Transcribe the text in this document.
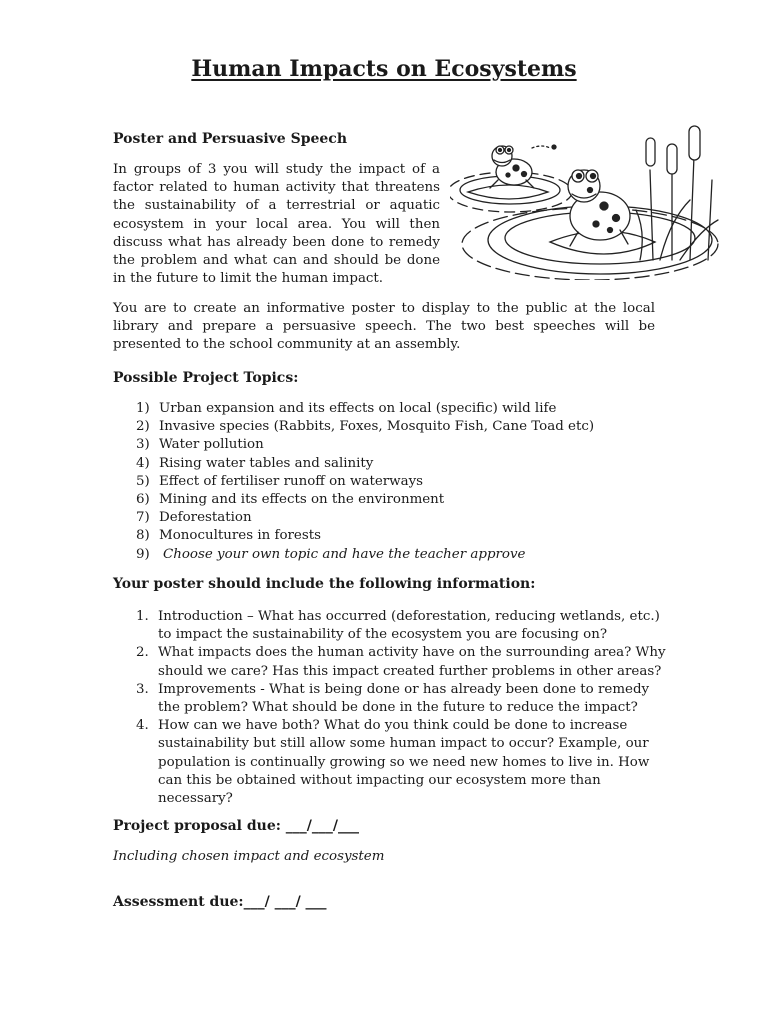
Human Impacts on Ecosystems
Poster and Persuasive Speech

In groups of 3 you will study the impact of a factor related to human activity that threatens the sustainability of a terrestrial or aquatic ecosystem in your local area. You will then discuss what has already been done to remedy the problem and what can and should be done in the future to limit the human impact.

You are to create an informative poster to display to the public at the local library and prepare a persuasive speech. The two best speeches will be presented to the school community at an assembly.

Possible Project Topics:
1) Urban expansion and its effects on local (specific) wild life
2) Invasive species (Rabbits, Foxes, Mosquito Fish, Cane Toad etc)
3) Water pollution
4) Rising water tables and salinity
5) Effect of fertiliser runoff on waterways
6) Mining and its effects on the environment
7) Deforestation
8) Monocultures in forests
9) Choose your own topic and have the teacher approve
Your poster should include the following information:
1. Introduction – What has occurred (deforestation, reducing wetlands, etc.) to impact the sustainability of the ecosystem you are focusing on?
2. What impacts does the human activity have on the surrounding area? Why should we care? Has this impact created further problems in other areas?
3. Improvements - What is being done or has already been done to remedy the problem? What should be done in the future to reduce the impact?
4. How can we have both? What do you think could be done to increase sustainability but still allow some human impact to occur? Example, our population is continually growing so we need new homes to live in. How can this be obtained without impacting our ecosystem more than necessary?
Project proposal due: ___/___/___
Including chosen impact and ecosystem
Assessment due:___/ ___/ ___
